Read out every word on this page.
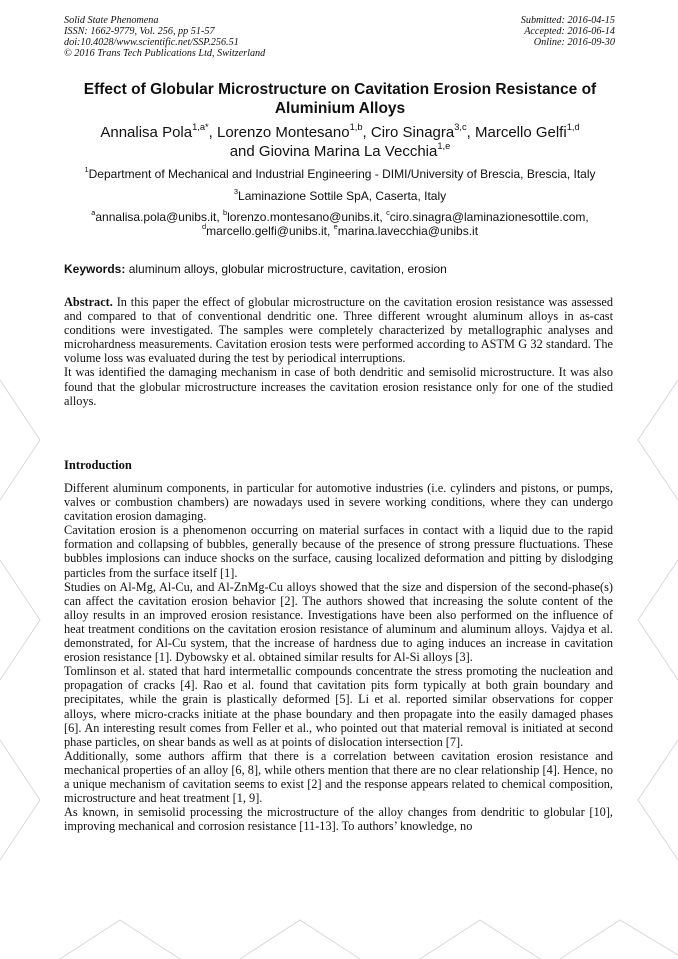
Solid State Phenomena
ISSN: 1662-9779, Vol. 256, pp 51-57
doi:10.4028/www.scientific.net/SSP.256.51
© 2016 Trans Tech Publications Ltd, Switzerland
Submitted: 2016-04-15
Accepted: 2016-06-14
Online: 2016-09-30
Effect of Globular Microstructure on Cavitation Erosion Resistance of Aluminium Alloys
Annalisa Pola$^{1,a*}$, Lorenzo Montesano$^{1,b}$, Ciro Sinagra$^{3,c}$, Marcello Gelfi$^{1,d}$
and Giovina Marina La Vecchia$^{1,e}$
$^1$Department of Mechanical and Industrial Engineering - DIMI/University of Brescia, Brescia, Italy
$^3$Laminazione Sottile SpA, Caserta, Italy
$^a$annalisa.pola@unibs.it, $^b$lorenzo.montesano@unibs.it, $^c$ciro.sinagra@laminazionesottile.com,
$^d$marcello.gelfi@unibs.it, $^e$marina.lavecchia@unibs.it
Keywords: aluminum alloys, globular microstructure, cavitation, erosion

Abstract. In this paper the effect of globular microstructure on the cavitation erosion resistance was assessed and compared to that of conventional dendritic one. Three different wrought aluminum alloys in as-cast conditions were investigated. The samples were completely characterized by metallographic analyses and microhardness measurements. Cavitation erosion tests were performed according to ASTM G 32 standard. The volume loss was evaluated during the test by periodical interruptions.

It was identified the damaging mechanism in case of both dendritic and semisolid microstructure. It was also found that the globular microstructure increases the cavitation erosion resistance only for one of the studied alloys.

Introduction

Different aluminum components, in particular for automotive industries (i.e. cylinders and pistons, or pumps, valves or combustion chambers) are nowadays used in severe working conditions, where they can undergo cavitation erosion damaging.

Cavitation erosion is a phenomenon occurring on material surfaces in contact with a liquid due to the rapid formation and collapsing of bubbles, generally because of the presence of strong pressure fluctuations. These bubbles implosions can induce shocks on the surface, causing localized deformation and pitting by dislodging particles from the surface itself [1].

Studies on Al-Mg, Al-Cu, and Al-ZnMg-Cu alloys showed that the size and dispersion of the second-phase(s) can affect the cavitation erosion behavior [2]. The authors showed that increasing the solute content of the alloy results in an improved erosion resistance. Investigations have been also performed on the influence of heat treatment conditions on the cavitation erosion resistance of aluminum and aluminum alloys. Vajdya et al. demonstrated, for Al-Cu system, that the increase of hardness due to aging induces an increase in cavitation erosion resistance [1]. Dybowsky et al. obtained similar results for Al-Si alloys [3].

Tomlinson et al. stated that hard intermetallic compounds concentrate the stress promoting the nucleation and propagation of cracks [4]. Rao et al. found that cavitation pits form typically at both grain boundary and precipitates, while the grain is plastically deformed [5]. Li et al. reported similar observations for copper alloys, where micro-cracks initiate at the phase boundary and then propagate into the easily damaged phases [6]. An interesting result comes from Feller et al., who pointed out that material removal is initiated at second phase particles, on shear bands as well as at points of dislocation intersection [7].

Additionally, some authors affirm that there is a correlation between cavitation erosion resistance and mechanical properties of an alloy [6, 8], while others mention that there are no clear relationship [4]. Hence, no a unique mechanism of cavitation seems to exist [2] and the response appears related to chemical composition, microstructure and heat treatment [1, 9].

As known, in semisolid processing the microstructure of the alloy changes from dendritic to globular [10], improving mechanical and corrosion resistance [11-13]. To authors’ knowledge, no
